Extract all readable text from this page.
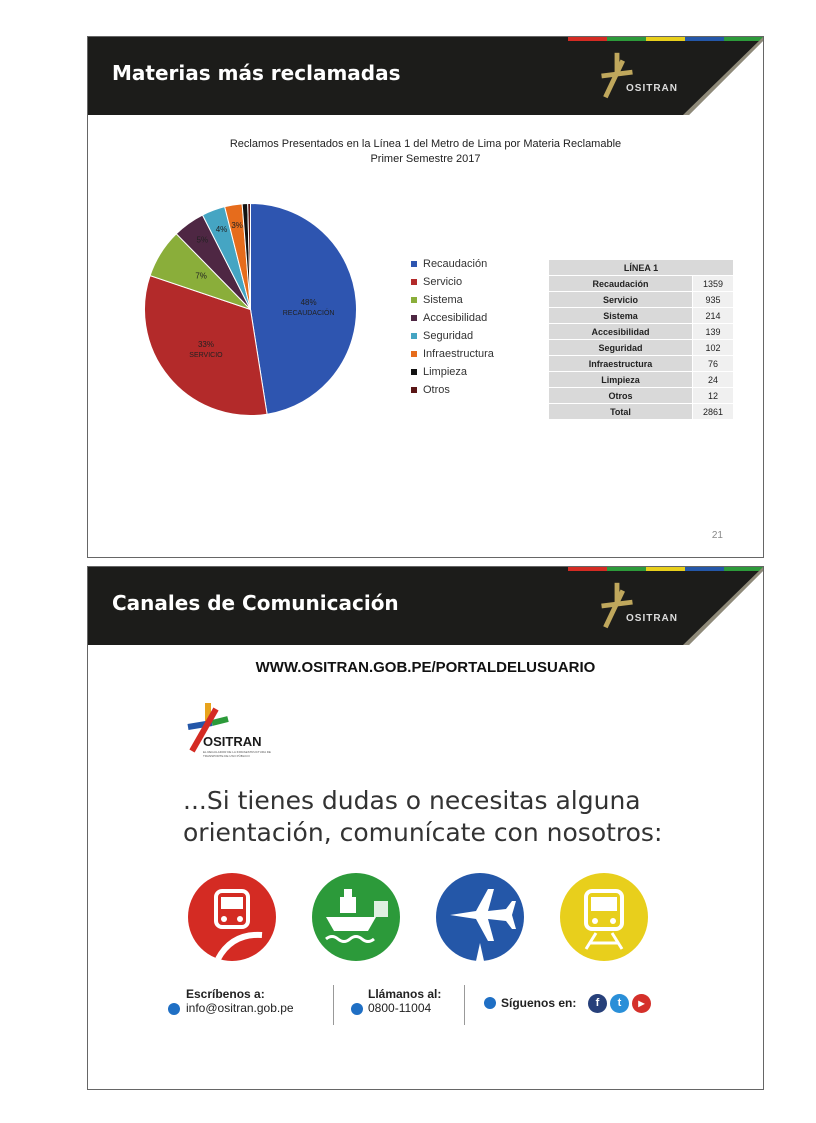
Materias más reclamadas
OSITRAN
Reclamos Presentados en la Línea 1 del Metro de Lima por Materia Reclamable
Primer Semestre 2017
48%
RECAUDACIÓN
33%
SERVICIO
7%
5%
4% 3%
Recaudación
Servicio
Sistema
Accesibilidad
Seguridad
Infraestructura
Limpieza
Otros
LÍNEA 1	
Recaudación	1359
Servicio	935
Sistema	214
Accesibilidad	139
Seguridad	102
Infraestructura	76
Limpieza	24
Otros	12
Total	2861
21
Canales de Comunicación
OSITRAN
WWW.OSITRAN.GOB.PE/PORTALDELUSUARIO
OSITRAN
EL REGULADOR DE LA INFRAESTRUCTURA DE TRANSPORTE DE USO PÚBLICO
...Si tienes dudas o necesitas alguna
orientación, comunícate con nosotros:
Escríbenos a:
info@ositran.gob.pe
Llámanos al:
0800-11004	Síguenos en:	f	t	▶
